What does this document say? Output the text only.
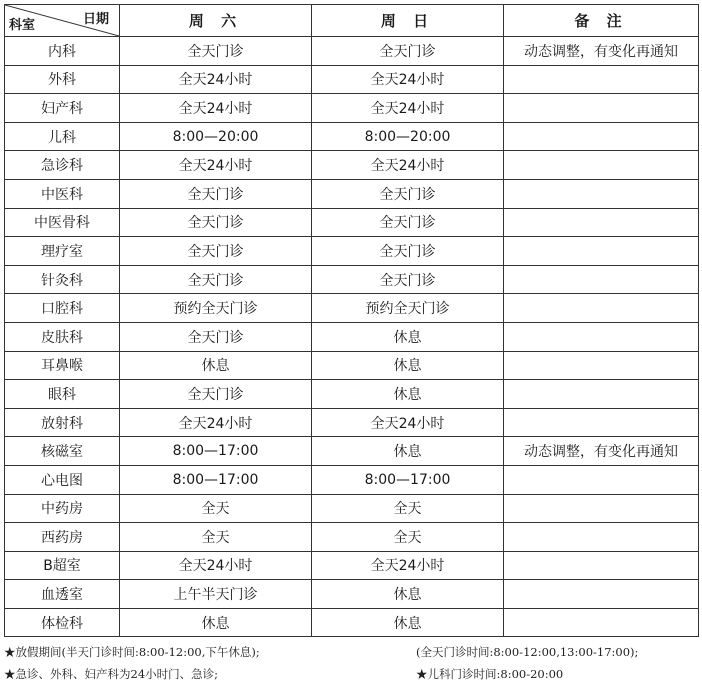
日期
科室	周 六	周 日	备 注
内科	全天门诊	全天门诊	动态调整，有变化再通知
外科	全天24小时	全天24小时	
妇产科	全天24小时	全天24小时	
儿科	8:00—20:00	8:00—20:00	
急诊科	全天24小时	全天24小时	
中医科	全天门诊	全天门诊	
中医骨科	全天门诊	全天门诊	
理疗室	全天门诊	全天门诊	
针灸科	全天门诊	全天门诊	
口腔科	预约全天门诊	预约全天门诊	
皮肤科	全天门诊	休息	
耳鼻喉	休息	休息	
眼科	全天门诊	休息	
放射科	全天24小时	全天24小时	
核磁室	8:00—17:00	休息	动态调整，有变化再通知
心电图	8:00—17:00	8:00—17:00	
中药房	全天	全天	
西药房	全天	全天	
B超室	全天24小时	全天24小时	
血透室	上午半天门诊	休息	
体检科	休息	休息	
★放假期间(半天门诊时间:8:00-12:00,下午休息);	(全天门诊时间:8:00-12:00,13:00-17:00);
★急诊、外科、妇产科为24小时门、急诊;	★儿科门诊时间:8:00-20:00
